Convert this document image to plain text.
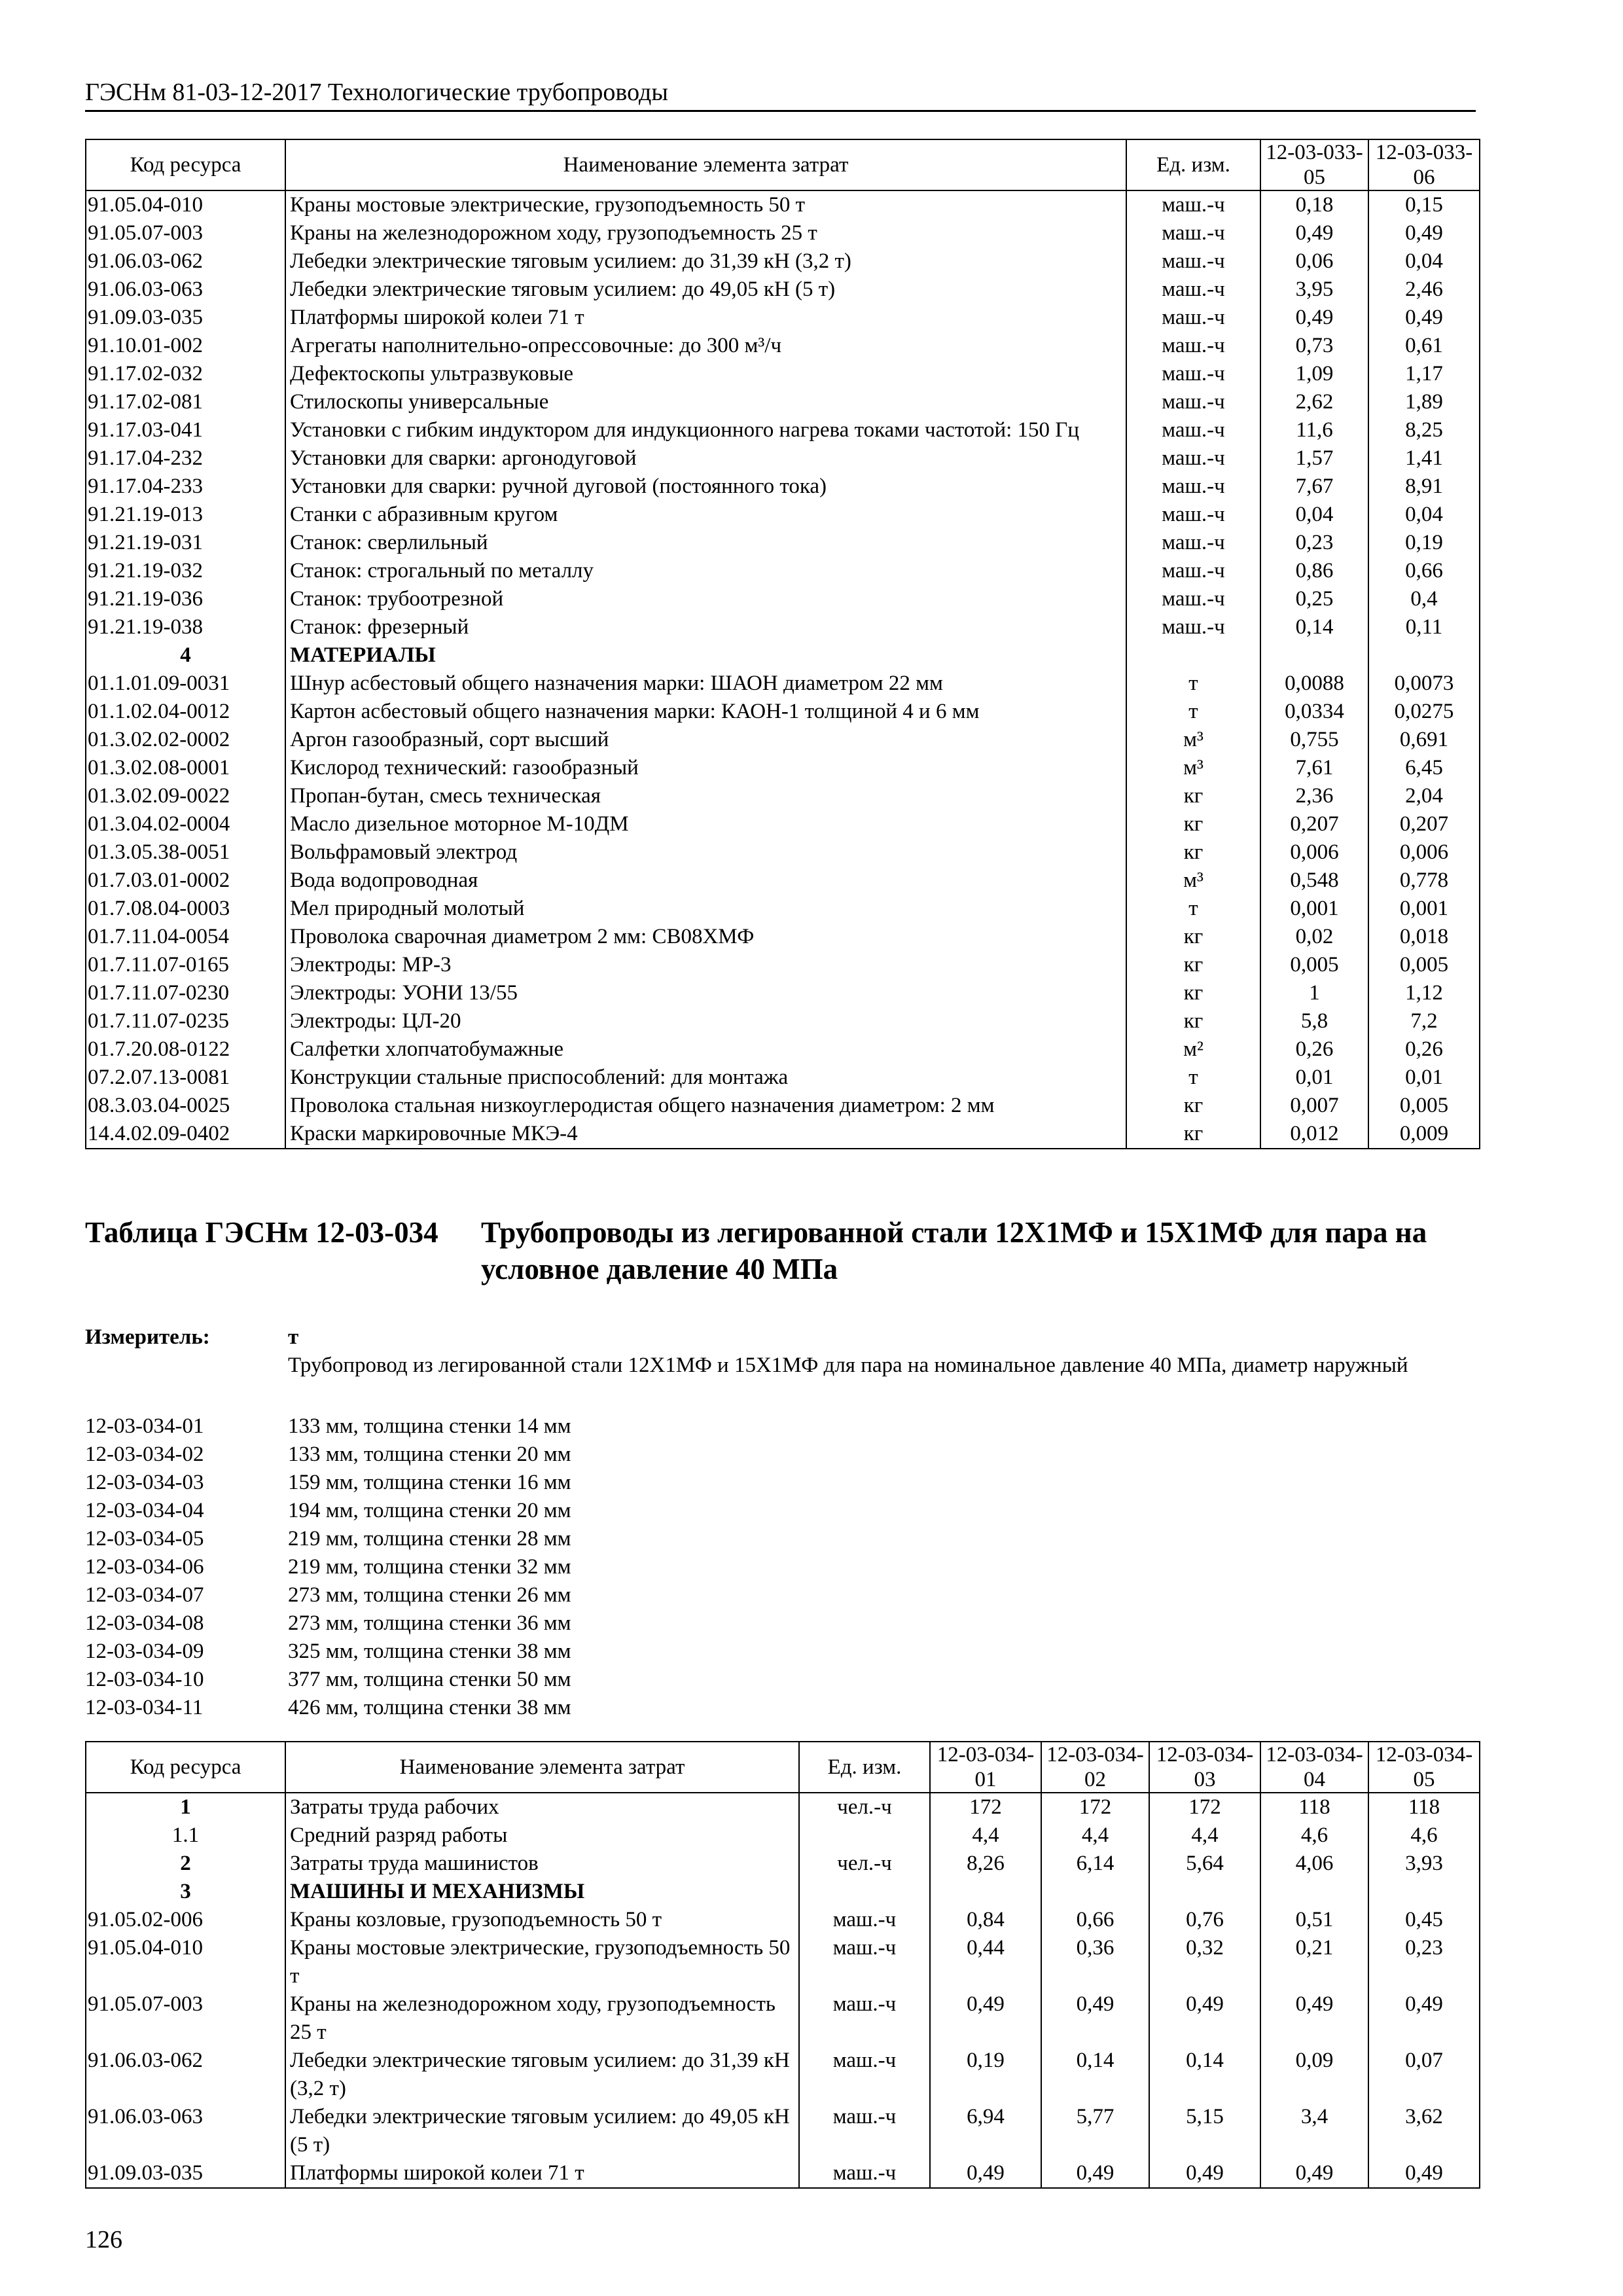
ГЭСНм 81-03-12-2017 Технологические трубопроводы
Код ресурса	Наименование элемента затрат	Ед. изм.	12-03-033-05	12-03-033-06
91.05.04-010	Краны мостовые электрические, грузоподъемность 50 т	маш.-ч	0,18	0,15
91.05.07-003	Краны на железнодорожном ходу, грузоподъемность 25 т	маш.-ч	0,49	0,49
91.06.03-062	Лебедки электрические тяговым усилием: до 31,39 кН (3,2 т)	маш.-ч	0,06	0,04
91.06.03-063	Лебедки электрические тяговым усилием: до 49,05 кН (5 т)	маш.-ч	3,95	2,46
91.09.03-035	Платформы широкой колеи 71 т	маш.-ч	0,49	0,49
91.10.01-002	Агрегаты наполнительно-опрессовочные: до 300 м³/ч	маш.-ч	0,73	0,61
91.17.02-032	Дефектоскопы ультразвуковые	маш.-ч	1,09	1,17
91.17.02-081	Стилоскопы универсальные	маш.-ч	2,62	1,89
91.17.03-041	Установки с гибким индуктором для индукционного нагрева токами частотой: 150 Гц	маш.-ч	11,6	8,25
91.17.04-232	Установки для сварки: аргонодуговой	маш.-ч	1,57	1,41
91.17.04-233	Установки для сварки: ручной дуговой (постоянного тока)	маш.-ч	7,67	8,91
91.21.19-013	Станки с абразивным кругом	маш.-ч	0,04	0,04
91.21.19-031	Станок: сверлильный	маш.-ч	0,23	0,19
91.21.19-032	Станок: строгальный по металлу	маш.-ч	0,86	0,66
91.21.19-036	Станок: трубоотрезной	маш.-ч	0,25	0,4
91.21.19-038	Станок: фрезерный	маш.-ч	0,14	0,11
4	МАТЕРИАЛЫ			
01.1.01.09-0031	Шнур асбестовый общего назначения марки: ШАОН диаметром 22 мм	т	0,0088	0,0073
01.1.02.04-0012	Картон асбестовый общего назначения марки: КАОН-1 толщиной 4 и 6 мм	т	0,0334	0,0275
01.3.02.02-0002	Аргон газообразный, сорт высший	м³	0,755	0,691
01.3.02.08-0001	Кислород технический: газообразный	м³	7,61	6,45
01.3.02.09-0022	Пропан-бутан, смесь техническая	кг	2,36	2,04
01.3.04.02-0004	Масло дизельное моторное М-10ДМ	кг	0,207	0,207
01.3.05.38-0051	Вольфрамовый электрод	кг	0,006	0,006
01.7.03.01-0002	Вода водопроводная	м³	0,548	0,778
01.7.08.04-0003	Мел природный молотый	т	0,001	0,001
01.7.11.04-0054	Проволока сварочная диаметром 2 мм: СВ08ХМФ	кг	0,02	0,018
01.7.11.07-0165	Электроды: МР-3	кг	0,005	0,005
01.7.11.07-0230	Электроды: УОНИ 13/55	кг	1	1,12
01.7.11.07-0235	Электроды: ЦЛ-20	кг	5,8	7,2
01.7.20.08-0122	Салфетки хлопчатобумажные	м²	0,26	0,26
07.2.07.13-0081	Конструкции стальные приспособлений: для монтажа	т	0,01	0,01
08.3.03.04-0025	Проволока стальная низкоуглеродистая общего назначения диаметром: 2 мм	кг	0,007	0,005
14.4.02.09-0402	Краски маркировочные МКЭ-4	кг	0,012	0,009
Таблица ГЭСНм 12-03-034 Трубопроводы из легированной стали 12Х1МФ и 15Х1МФ для пара на условное давление 40 МПа
Измеритель:	т
Трубопровод из легированной стали 12Х1МФ и 15Х1МФ для пара на номинальное давление 40 МПа, диаметр наружный
12-03-034-01	133 мм, толщина стенки 14 мм
12-03-034-02	133 мм, толщина стенки 20 мм
12-03-034-03	159 мм, толщина стенки 16 мм
12-03-034-04	194 мм, толщина стенки 20 мм
12-03-034-05	219 мм, толщина стенки 28 мм
12-03-034-06	219 мм, толщина стенки 32 мм
12-03-034-07	273 мм, толщина стенки 26 мм
12-03-034-08	273 мм, толщина стенки 36 мм
12-03-034-09	325 мм, толщина стенки 38 мм
12-03-034-10	377 мм, толщина стенки 50 мм
12-03-034-11	426 мм, толщина стенки 38 мм
Код ресурса	Наименование элемента затрат	Ед. изм.	12-03-034-01	12-03-034-02	12-03-034-03	12-03-034-04	12-03-034-05
1	Затраты труда рабочих	чел.-ч	172	172	172	118	118
1.1	Средний разряд работы		4,4	4,4	4,4	4,6	4,6
2	Затраты труда машинистов	чел.-ч	8,26	6,14	5,64	4,06	3,93
3	МАШИНЫ И МЕХАНИЗМЫ						
91.05.02-006	Краны козловые, грузоподъемность 50 т	маш.-ч	0,84	0,66	0,76	0,51	0,45
91.05.04-010	Краны мостовые электрические, грузоподъемность 50 т	маш.-ч	0,44	0,36	0,32	0,21	0,23
91.05.07-003	Краны на железнодорожном ходу, грузоподъемность 25 т	маш.-ч	0,49	0,49	0,49	0,49	0,49
91.06.03-062	Лебедки электрические тяговым усилием: до 31,39 кН (3,2 т)	маш.-ч	0,19	0,14	0,14	0,09	0,07
91.06.03-063	Лебедки электрические тяговым усилием: до 49,05 кН (5 т)	маш.-ч	6,94	5,77	5,15	3,4	3,62
91.09.03-035	Платформы широкой колеи 71 т	маш.-ч	0,49	0,49	0,49	0,49	0,49
126
